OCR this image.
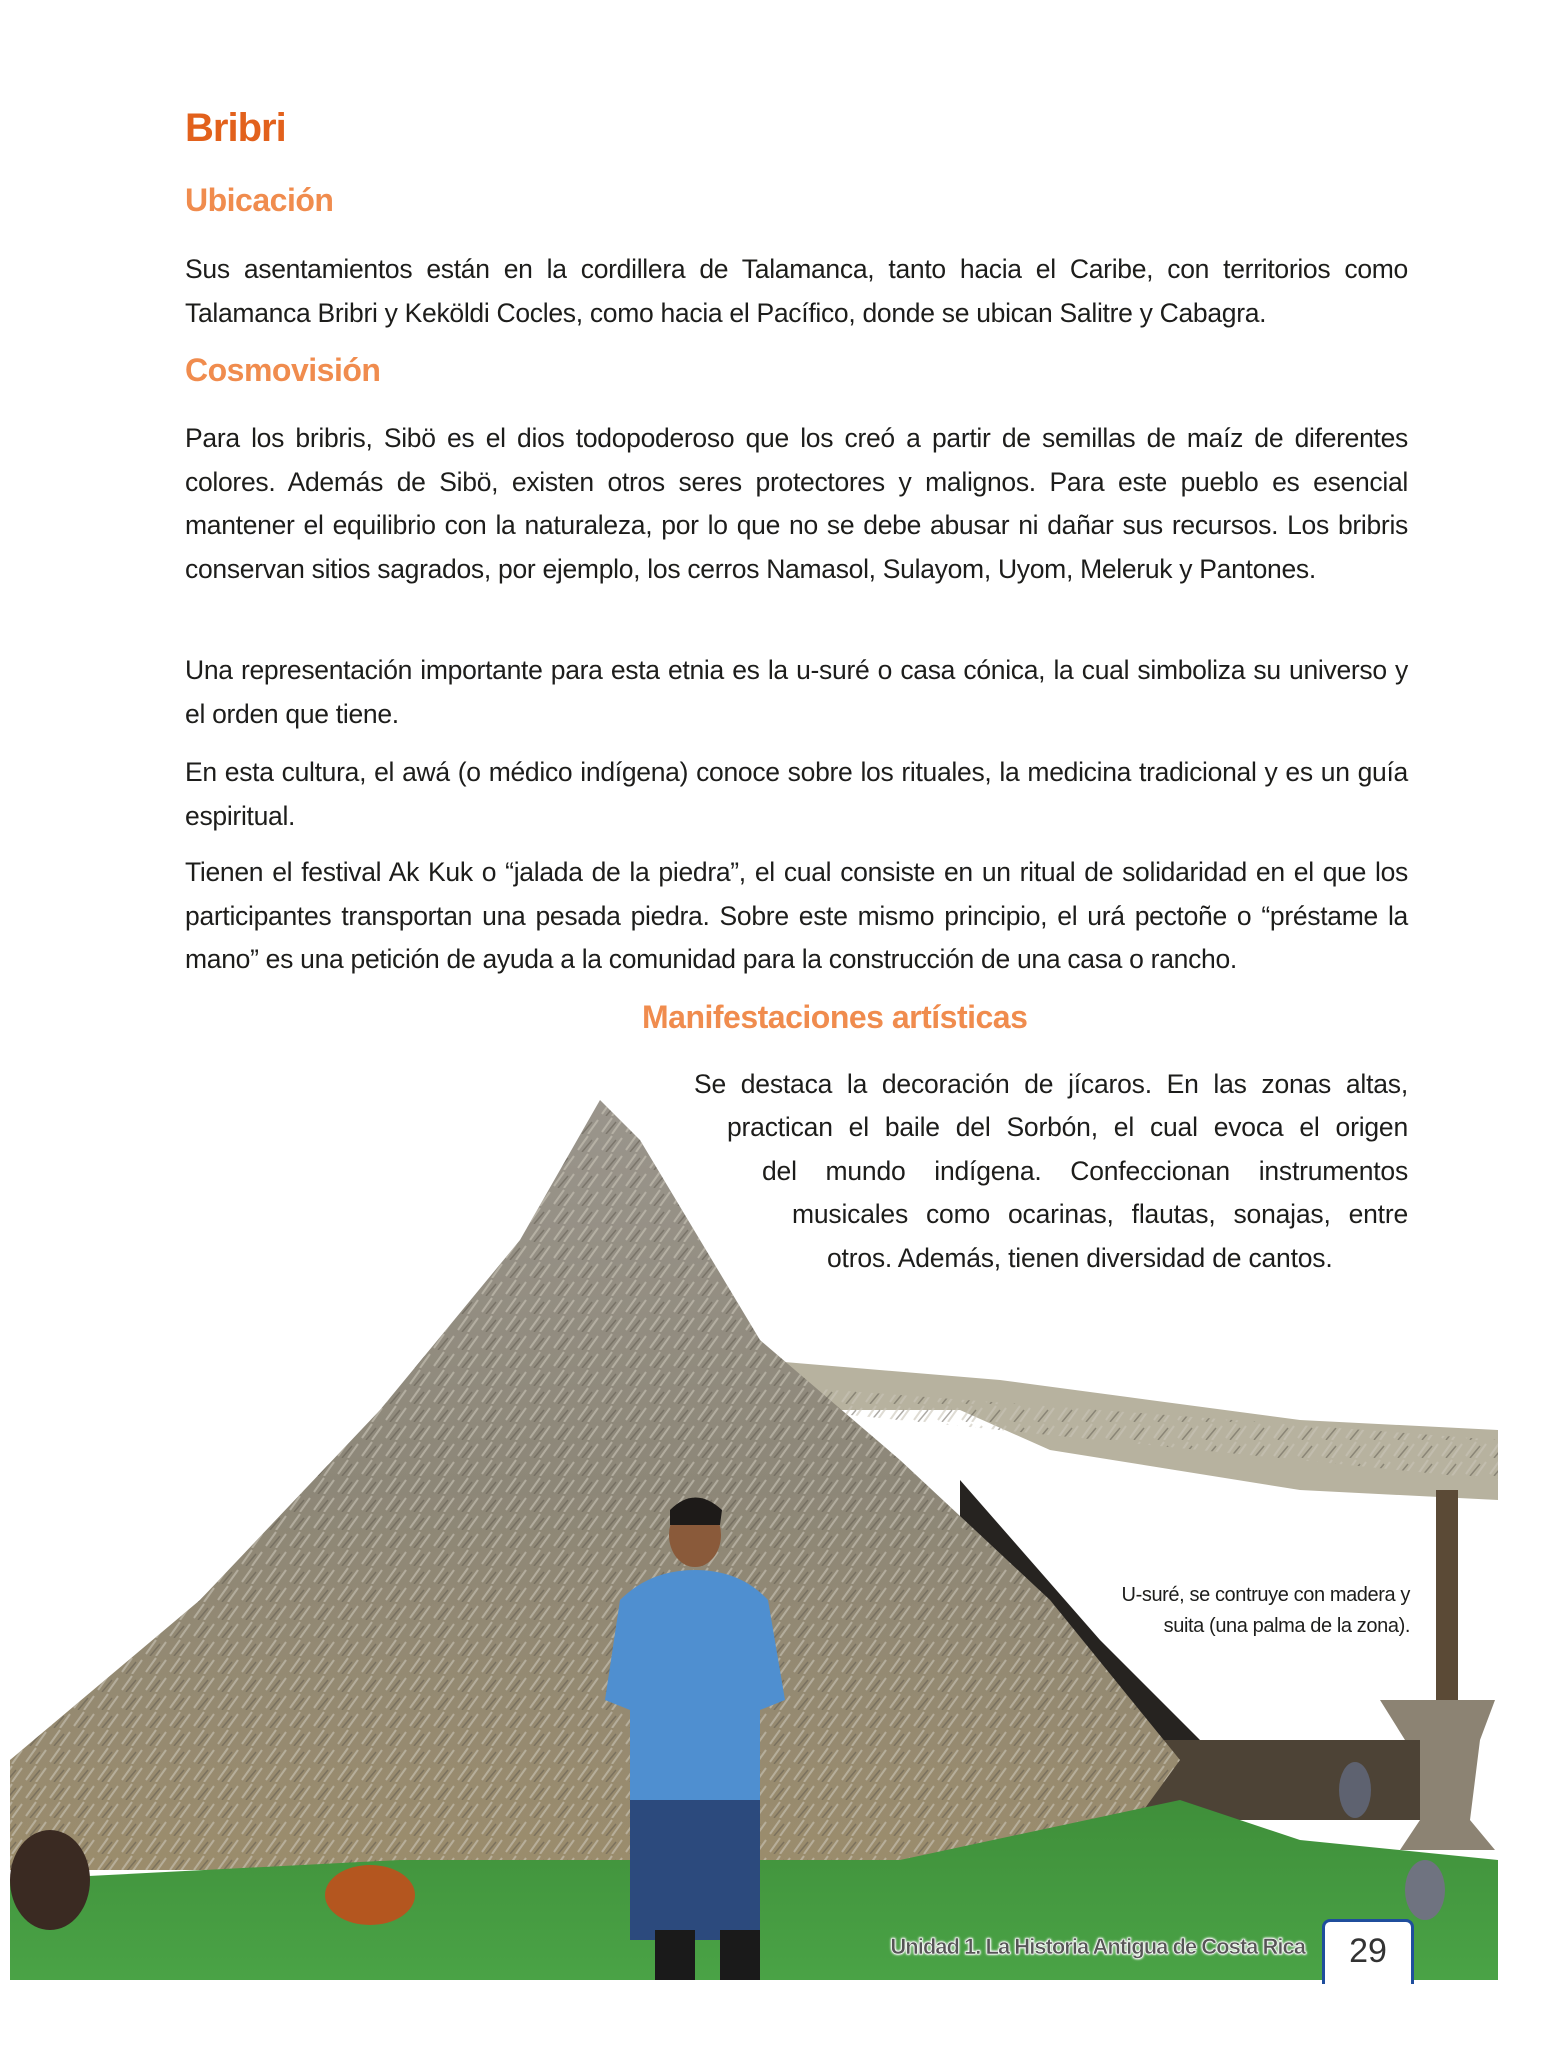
Bribri
Ubicación

Sus asentamientos están en la cordillera de Talamanca, tanto hacia el Caribe, con territorios como Talamanca Bribri y Keköldi Cocles, como hacia el Pacífico, donde se ubican Salitre y Cabagra.

Cosmovisión

Para los bribris, Sibö es el dios todopoderoso que los creó a partir de semillas de maíz de diferentes colores. Además de Sibö, existen otros seres protectores y malignos. Para este pueblo es esencial mantener el equilibrio con la naturaleza, por lo que no se debe abusar ni dañar sus recursos. Los bribris conservan sitios sagrados, por ejemplo, los cerros Namasol, Sulayom, Uyom, Meleruk y Pantones.

Una representación importante para esta etnia es la u-suré o casa cónica, la cual simboliza su universo y el orden que tiene.

En esta cultura, el awá (o médico indígena) conoce sobre los rituales, la medicina tradicional y es un guía espiritual.

Tienen el festival Ak Kuk o “jalada de la piedra”, el cual consiste en un ritual de solidaridad en el que los participantes transportan una pesada piedra. Sobre este mismo principio, el urá pectoñe o “préstame la mano” es una petición de ayuda a la comunidad para la construcción de una casa o rancho.

Manifestaciones artísticas
Se destaca la decoración de jícaros. En las zonas altas,
practican el baile del Sorbón, el cual evoca el origen
del mundo indígena. Confeccionan instrumentos
musicales como ocarinas, flautas, sonajas, entre
otros. Además, tienen diversidad de cantos.
U-suré, se contruye con madera y suita (una palma de la zona).
Unidad 1. La Historia Antigua de Costa Rica	29
